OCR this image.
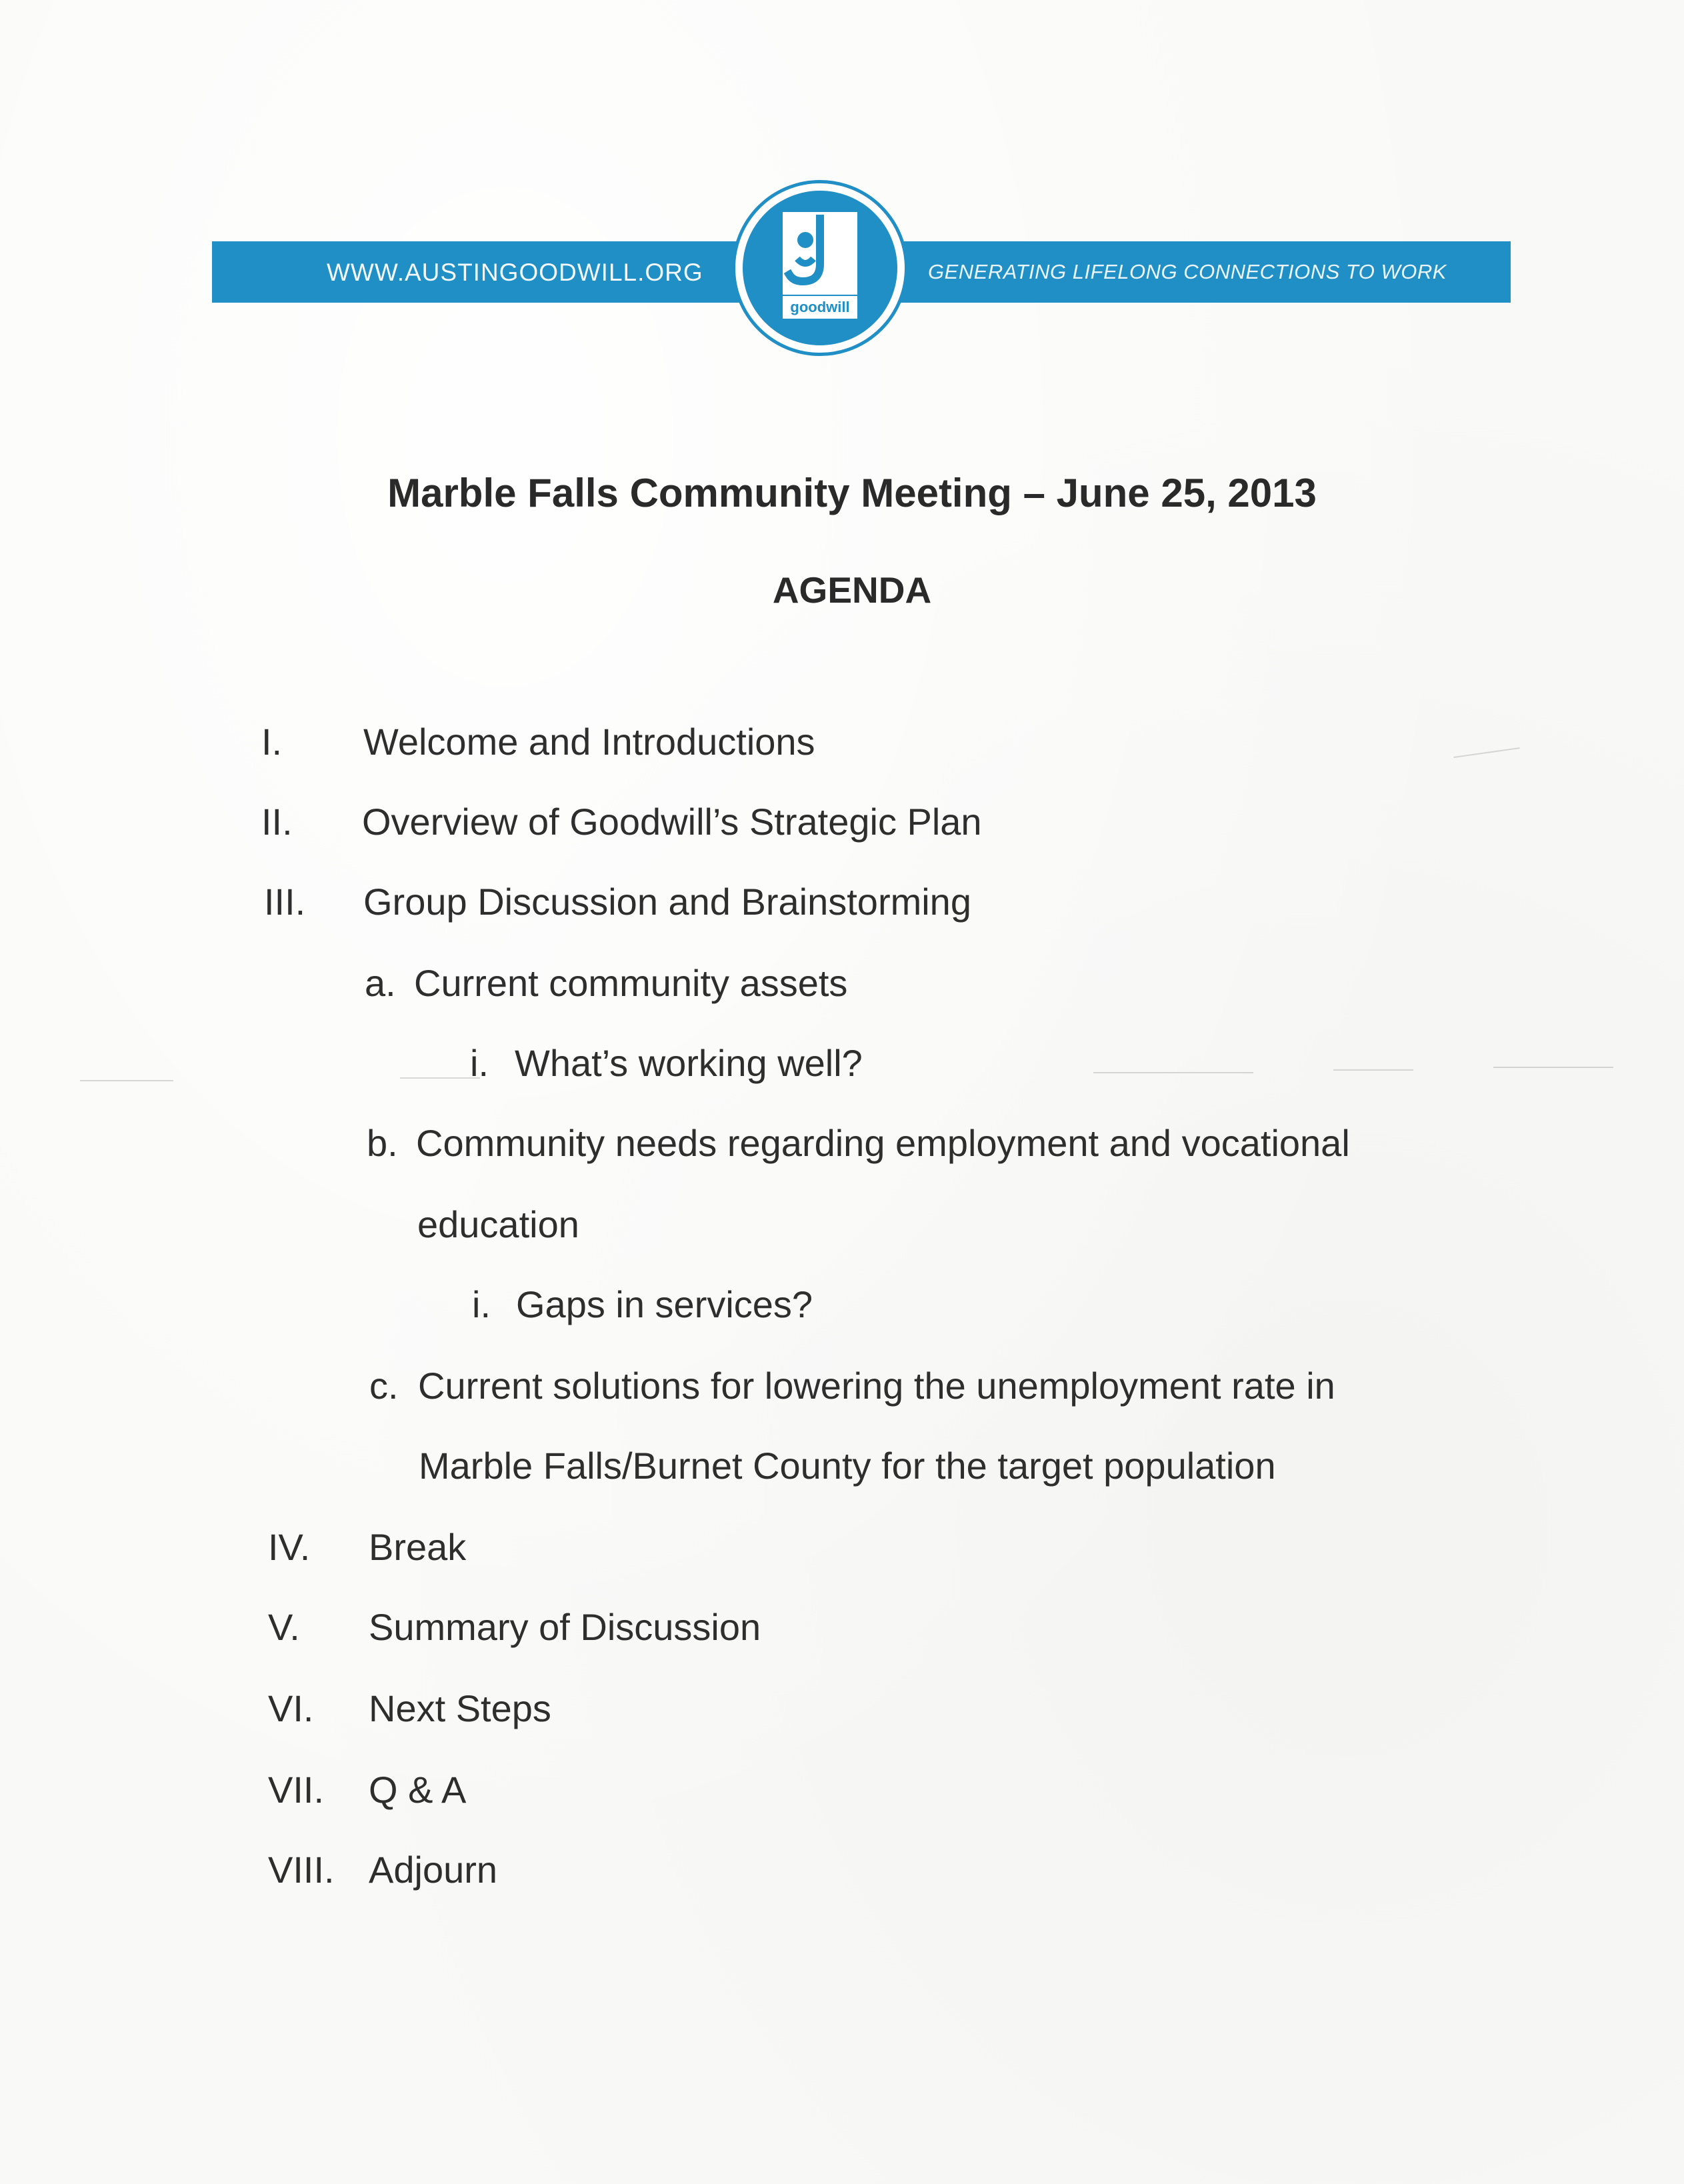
WWW.AUSTINGOODWILL.ORG	GENERATING LIFELONG CONNECTIONS TO WORK
goodwill
Marble Falls Community Meeting – June 25, 2013
AGENDA
I. Welcome and Introductions
II. Overview of Goodwill’s Strategic Plan
III. Group Discussion and Brainstorming
a. Current community assets
i. What’s working well?
b. Community needs regarding employment and vocational
education
i. Gaps in services?
c. Current solutions for lowering the unemployment rate in
Marble Falls/Burnet County for the target population
IV. Break
V. Summary of Discussion
VI. Next Steps
VII. Q & A
VIII. Adjourn
